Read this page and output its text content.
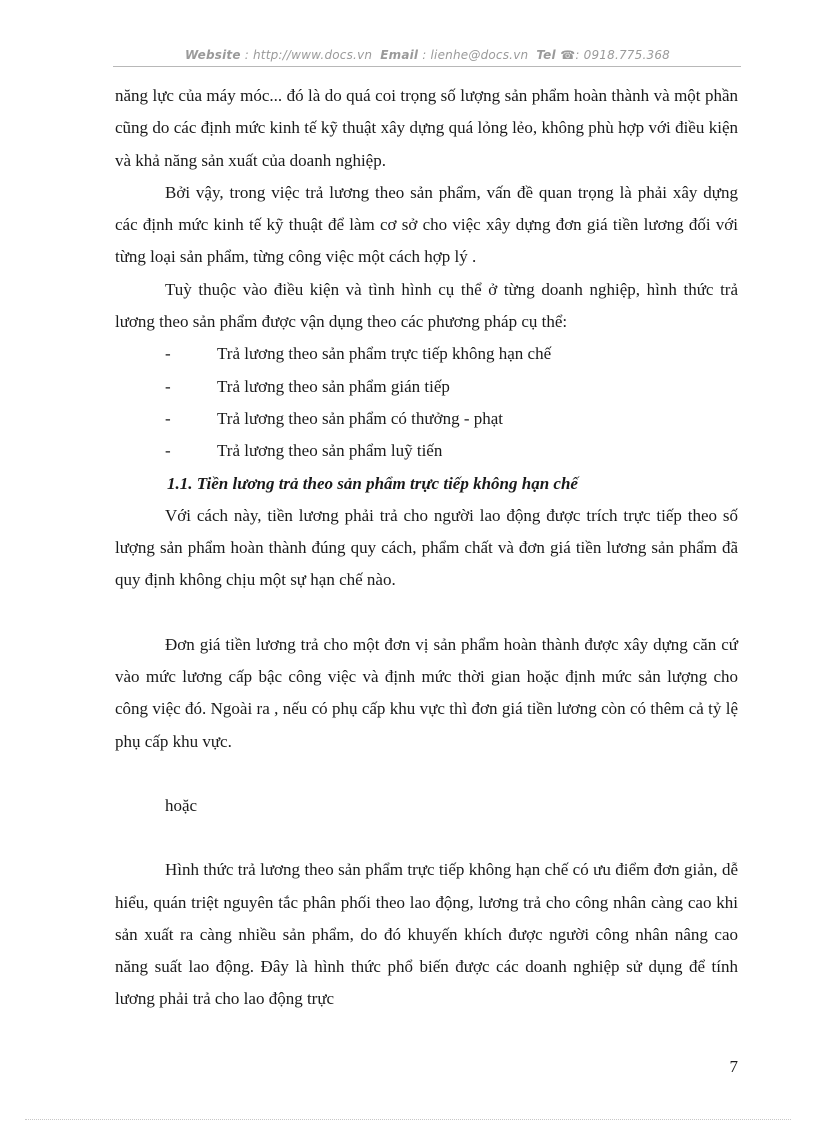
Website : http://www.docs.vn Email : lienhe@docs.vn Tel ☎: 0918.775.368

năng lực của máy móc... đó là do quá coi trọng số lượng sản phẩm hoàn thành và một phần cũng do các định mức kinh tế kỹ thuật xây dựng quá lỏng lẻo, không phù hợp với điều kiện và khả năng sản xuất của doanh nghiệp.

Bởi vậy, trong việc trả lương theo sản phẩm, vấn đề quan trọng là phải xây dựng các định mức kinh tế kỹ thuật để làm cơ sở cho việc xây dựng đơn giá tiền lương đối với từng loại sản phẩm, từng công việc một cách hợp lý .

Tuỳ thuộc vào điều kiện và tình hình cụ thể ở từng doanh nghiệp, hình thức trả lương theo sản phẩm được vận dụng theo các phương pháp cụ thể:

-	Trả lương theo sản phẩm trực tiếp không hạn chế
-	Trả lương theo sản phẩm gián tiếp
-	Trả lương theo sản phẩm có thưởng - phạt
-	Trả lương theo sản phẩm luỹ tiến

1.1. Tiền lương trả theo sản phẩm trực tiếp không hạn chế

Với cách này, tiền lương phải trả cho người lao động được trích trực tiếp theo số lượng sản phẩm hoàn thành đúng quy cách, phẩm chất và đơn giá tiền lương sản phẩm đã quy định không chịu một sự hạn chế nào.

Đơn giá tiền lương trả cho một đơn vị sản phẩm hoàn thành được xây dựng căn cứ vào mức lương cấp bậc công việc và định mức thời gian hoặc định mức sản lượng cho công việc đó. Ngoài ra , nếu có phụ cấp khu vực thì đơn giá tiền lương còn có thêm cả tỷ lệ phụ cấp khu vực.

hoặc

Hình thức trả lương theo sản phẩm trực tiếp không hạn chế có ưu điểm đơn giản, dễ hiểu, quán triệt nguyên tắc phân phối theo lao động, lương trả cho công nhân càng cao khi sản xuất ra càng nhiều sản phẩm, do đó khuyến khích được người công nhân nâng cao năng suất lao động. Đây là hình thức phổ biến được các doanh nghiệp sử dụng để tính lương phải trả cho lao động trực

7
